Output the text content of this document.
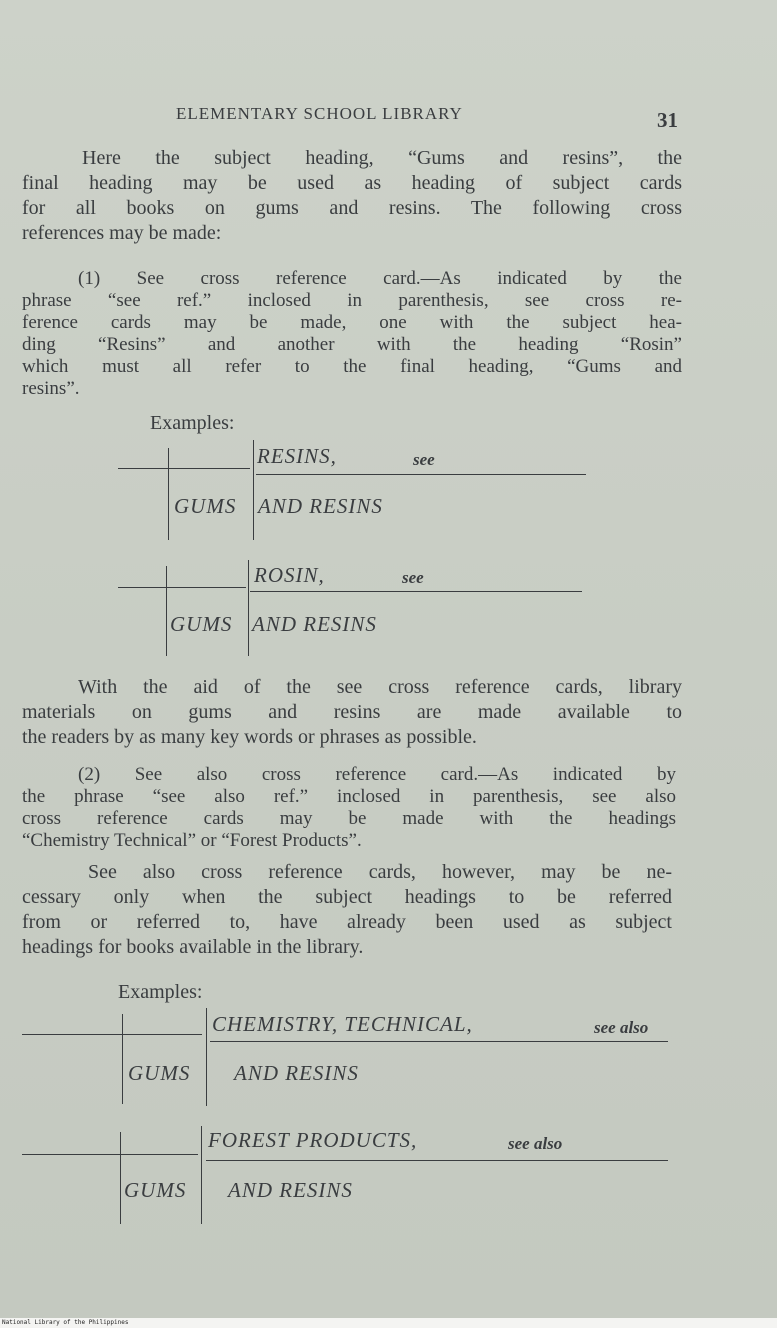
ELEMENTARY SCHOOL LIBRARY	31
Here the subject heading, “Gums and resins”, the
final heading may be used as heading of subject cards
for all books on gums and resins. The following cross
references may be made:
(1) See cross reference card.—As indicated by the
phrase “see ref.” inclosed in parenthesis, see cross re-
ference cards may be made, one with the subject hea-
ding “Resins” and another with the heading “Rosin”
which must all refer to the final heading, “Gums and
resins”.
Examples:
RESINS,	see
GUMS AND RESINS
ROSIN,	see
GUMS AND RESINS
With the aid of the see cross reference cards, library
materials on gums and resins are made available to
the readers by as many key words or phrases as possible.
(2) See also cross reference card.—As indicated by
the phrase “see also ref.” inclosed in parenthesis, see also
cross reference cards may be made with the headings
“Chemistry Technical” or “Forest Products”.
See also cross reference cards, however, may be ne-
cessary only when the subject headings to be referred
from or referred to, have already been used as subject
headings for books available in the library.
Examples:
CHEMISTRY, TECHNICAL,	see also
GUMS AND RESINS
FOREST PRODUCTS,	see also
GUMS AND RESINS
National Library of the Philippines
